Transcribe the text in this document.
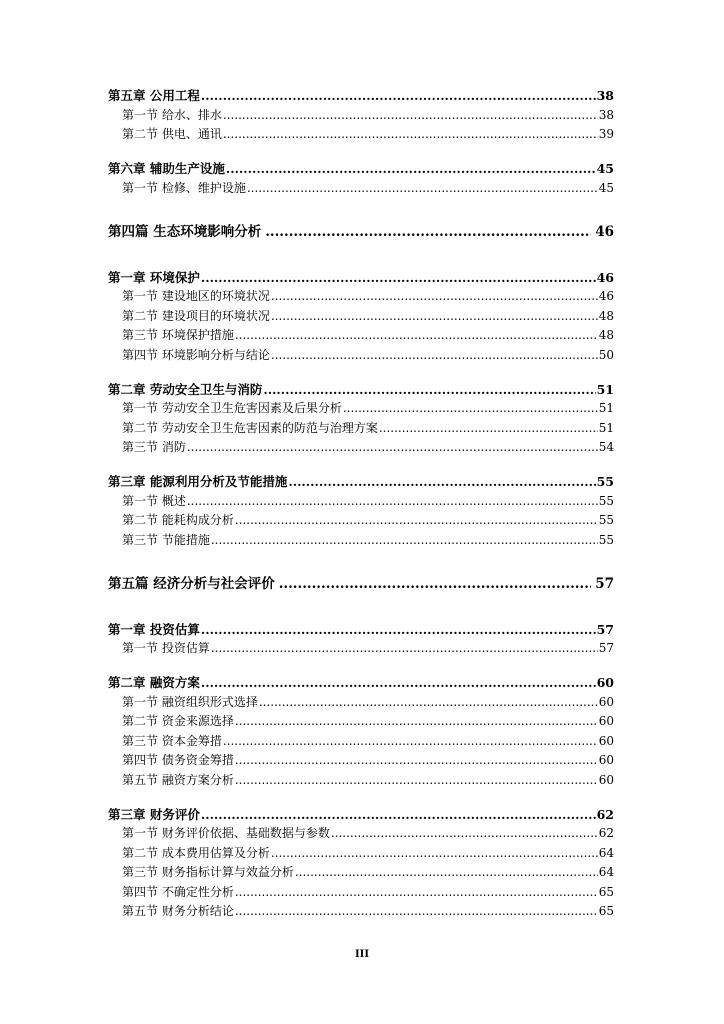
第五章 公用工程 .....	38
第一节 给水、排水 .....	38
第二节 供电、通讯 .....	39
第六章 辅助生产设施 .....	45
第一节 检修、维护设施 .....	45
第四篇 生态环境影响分析 .....	46
第一章 环境保护 .....	46
第一节 建设地区的环境状况 .....	46
第二节 建设项目的环境状况 .....	48
第三节 环境保护措施 .....	48
第四节 环境影响分析与结论 .....	50
第二章 劳动安全卫生与消防 .....	51
第一节 劳动安全卫生危害因素及后果分析 .....	51
第二节 劳动安全卫生危害因素的防范与治理方案 .....	51
第三节 消防 .....	54
第三章 能源利用分析及节能措施 .....	55
第一节 概述 .....	55
第二节 能耗构成分析 .....	55
第三节 节能措施 .....	55
第五篇 经济分析与社会评价 .....	57
第一章 投资估算 .....	57
第一节 投资估算 .....	57
第二章 融资方案 .....	60
第一节 融资组织形式选择 .....	60
第二节 资金来源选择 .....	60
第三节 资本金筹措 .....	60
第四节 债务资金筹措 .....	60
第五节 融资方案分析 .....	60
第三章 财务评价 .....	62
第一节 财务评价依据、基础数据与参数 .....	62
第二节 成本费用估算及分析 .....	64
第三节 财务指标计算与效益分析 .....	64
第四节 不确定性分析 .....	65
第五节 财务分析结论 .....	65
III
